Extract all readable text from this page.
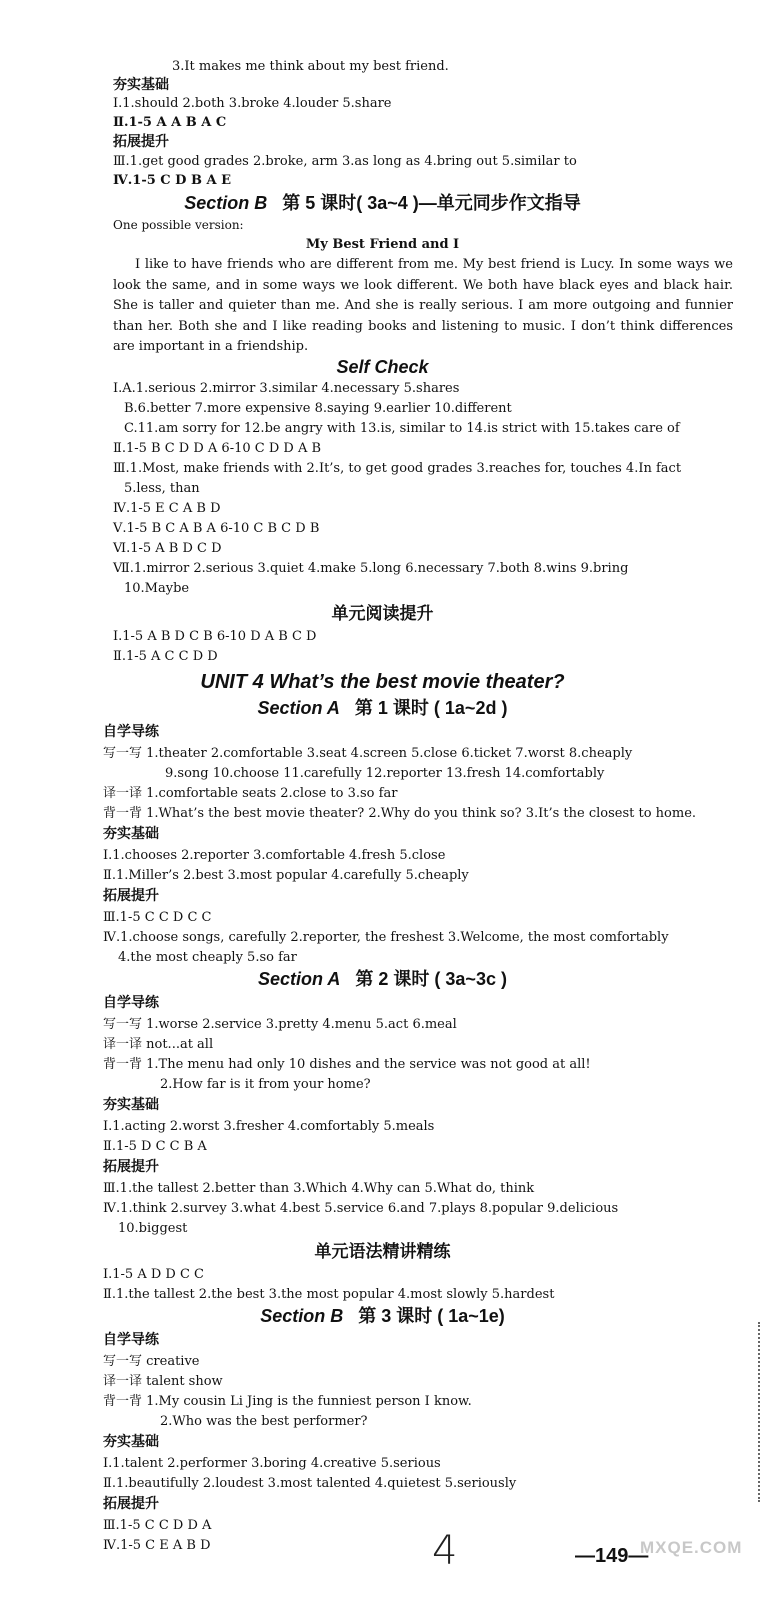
3.It makes me think about my best friend.
夯实基础
Ⅰ.1.should 2.both 3.broke 4.louder 5.share
Ⅱ.1-5 A A B A C
拓展提升
Ⅲ.1.get good grades 2.broke, arm 3.as long as 4.bring out 5.similar to
Ⅳ.1-5 C D B A E
Section B 第 5 课时( 3a~4 )—单元同步作文指导
One possible version:
My Best Friend and I
I like to have friends who are different from me. My best friend is Lucy. In some ways we look the same, and in some ways we look different. We both have black eyes and black hair. She is taller and quieter than me. And she is really serious. I am more outgoing and funnier than her. Both she and I like reading books and listening to music. I don’t think differences are important in a friendship.
Self Check
Ⅰ.A.1.serious 2.mirror 3.similar 4.necessary 5.shares
B.6.better 7.more expensive 8.saying 9.earlier 10.different
C.11.am sorry for 12.be angry with 13.is, similar to 14.is strict with 15.takes care of
Ⅱ.1-5 B C D D A 6-10 C D D A B
Ⅲ.1.Most, make friends with 2.It’s, to get good grades 3.reaches for, touches 4.In fact
5.less, than
Ⅳ.1-5 E C A B D
Ⅴ.1-5 B C A B A 6-10 C B C D B
Ⅵ.1-5 A B D C D
Ⅶ.1.mirror 2.serious 3.quiet 4.make 5.long 6.necessary 7.both 8.wins 9.bring
10.Maybe
单元阅读提升
Ⅰ.1-5 A B D C B 6-10 D A B C D
Ⅱ.1-5 A C C D D
UNIT 4 What’s the best movie theater?
Section A 第 1 课时 ( 1a~2d )
自学导练
写一写 1.theater 2.comfortable 3.seat 4.screen 5.close 6.ticket 7.worst 8.cheaply
9.song 10.choose 11.carefully 12.reporter 13.fresh 14.comfortably
译一译 1.comfortable seats 2.close to 3.so far
背一背 1.What’s the best movie theater? 2.Why do you think so? 3.It’s the closest to home.
夯实基础
Ⅰ.1.chooses 2.reporter 3.comfortable 4.fresh 5.close
Ⅱ.1.Miller’s 2.best 3.most popular 4.carefully 5.cheaply
拓展提升
Ⅲ.1-5 C C D C C
Ⅳ.1.choose songs, carefully 2.reporter, the freshest 3.Welcome, the most comfortably
4.the most cheaply 5.so far
Section A 第 2 课时 ( 3a~3c )
自学导练
写一写 1.worse 2.service 3.pretty 4.menu 5.act 6.meal
译一译 not...at all
背一背 1.The menu had only 10 dishes and the service was not good at all!
2.How far is it from your home?
夯实基础
Ⅰ.1.acting 2.worst 3.fresher 4.comfortably 5.meals
Ⅱ.1-5 D C C B A
拓展提升
Ⅲ.1.the tallest 2.better than 3.Which 4.Why can 5.What do, think
Ⅳ.1.think 2.survey 3.what 4.best 5.service 6.and 7.plays 8.popular 9.delicious
10.biggest
单元语法精讲精练
Ⅰ.1-5 A D D C C
Ⅱ.1.the tallest 2.the best 3.the most popular 4.most slowly 5.hardest
Section B 第 3 课时 ( 1a~1e)
自学导练
写一写 creative
译一译 talent show
背一背 1.My cousin Li Jing is the funniest person I know.
2.Who was the best performer?
夯实基础
Ⅰ.1.talent 2.performer 3.boring 4.creative 5.serious
Ⅱ.1.beautifully 2.loudest 3.most talented 4.quietest 5.seriously
拓展提升
Ⅲ.1-5 C C D D A
Ⅳ.1-5 C E A B D	4	—149—
MXQE.COM
